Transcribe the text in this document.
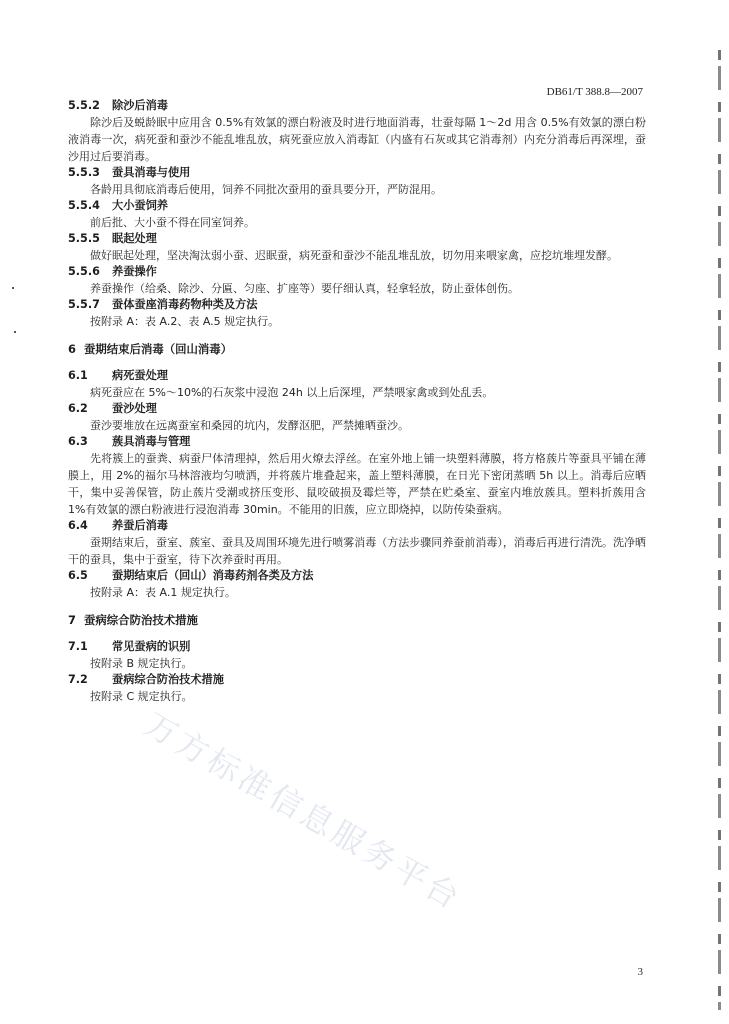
DB61/T 388.8—2007
5.5.2 除沙后消毒

除沙后及蜕龄眠中应用含 0.5%有效氯的漂白粉液及时进行地面消毒，壮蚕每隔 1～2d 用含 0.5%有效氯的漂白粉液消毒一次，病死蚕和蚕沙不能乱堆乱放，病死蚕应放入消毒缸（内盛有石灰或其它消毒剂）内充分消毒后再深埋，蚕沙用过后要消毒。

5.5.3 蚕具消毒与使用

各龄用具彻底消毒后使用，饲养不同批次蚕用的蚕具要分开，严防混用。

5.5.4 大小蚕饲养

前后批、大小蚕不得在同室饲养。

5.5.5 眠起处理

做好眠起处理，坚决淘汰弱小蚕、迟眠蚕，病死蚕和蚕沙不能乱堆乱放，切勿用来喂家禽，应挖坑堆埋发酵。

5.5.6 养蚕操作

养蚕操作（给桑、除沙、分匾、匀座、扩座等）要仔细认真，轻拿轻放，防止蚕体创伤。

5.5.7 蚕体蚕座消毒药物种类及方法

按附录 A：表 A.2、表 A.5 规定执行。

6 蚕期结束后消毒（回山消毒）
6.1 病死蚕处理

病死蚕应在 5%～10%的石灰浆中浸泡 24h 以上后深埋，严禁喂家禽或到处乱丢。

6.2 蚕沙处理

蚕沙要堆放在远离蚕室和桑园的坑内，发酵沤肥，严禁摊晒蚕沙。

6.3 蔟具消毒与管理

先将簇上的蚕粪、病蚕尸体清理掉，然后用火燎去浮丝。在室外地上铺一块塑料薄膜，将方格蔟片等蚕具平铺在薄膜上，用 2%的福尔马林溶液均匀喷洒，并将蔟片堆叠起来，盖上塑料薄膜，在日光下密闭蒸晒 5h 以上。消毒后应晒干，集中妥善保管，防止蔟片受潮或挤压变形、鼠咬破损及霉烂等，严禁在贮桑室、蚕室内堆放蔟具。塑料折蔟用含 1%有效氯的漂白粉液进行浸泡消毒 30min。不能用的旧蔟，应立即烧掉，以防传染蚕病。

6.4 养蚕后消毒

蚕期结束后，蚕室、蔟室、蚕具及周围环境先进行喷雾消毒（方法步骤同养蚕前消毒），消毒后再进行清洗。洗净晒干的蚕具，集中于蚕室，待下次养蚕时再用。

6.5 蚕期结束后（回山）消毒药剂各类及方法

按附录 A：表 A.1 规定执行。

7 蚕病综合防治技术措施
7.1 常见蚕病的识别

按附录 B 规定执行。

7.2 蚕病综合防治技术措施

按附录 C 规定执行。

万方标准信息服务平台
3
